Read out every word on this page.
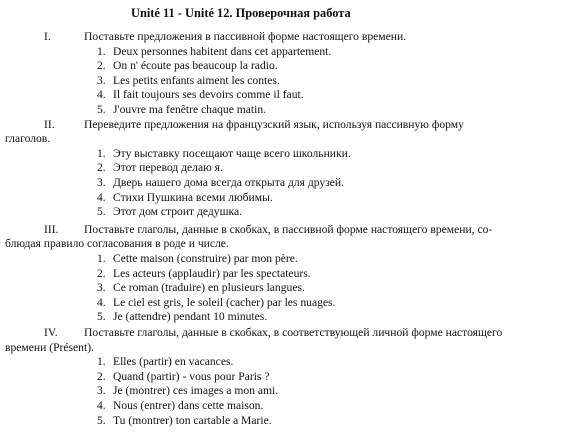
Unité 11 - Unité 12. Проверочная работа
I.	Поставьте предложения в пассивной форме настоящего времени.
1. Deux personnes habitent dans cet appartement.
2. On n' écoute pas beaucoup la radio.
3. Les petits enfants aiment les contes.
4. Il fait toujours ses devoirs comme il faut.
5. J'ouvre ma fenêtre chaque matin.
II.	Переведите предложения на французский язык, используя пассивную форму
глаголов.
1. Эту выставку посещают чаще всего школьники.
2. Этот перевод делаю я.
3. Дверь нашего дома всегда открыта для друзей.
4. Стихи Пушкина всеми любимы.
5. Этот дом строит дедушка.
III. Поставьте глаголы, данные в скобках, в пассивной форме настоящего времени, со-
блюдая правило согласования в роде и числе.
1. Cette maison (construire) par mon père.
2. Les acteurs (applaudir) par les spectateurs.
3. Ce roman (traduire) en plusieurs langues.
4. Le ciel est gris, le soleil (cacher) par les nuages.
5. Je (attendre) pendant 10 minutes.
IV. Поставьте глаголы, данные в скобках, в соответствующей личной форме настоящего
времени (Présent).
1. Elles (partir) en vacances.
2. Quand (partir) - vous pour Paris ?
3. Je (montrer) ces images a mon ami.
4. Nous (entrer) dans cette maison.
5. Tu (montrer) ton cartable a Marie.
